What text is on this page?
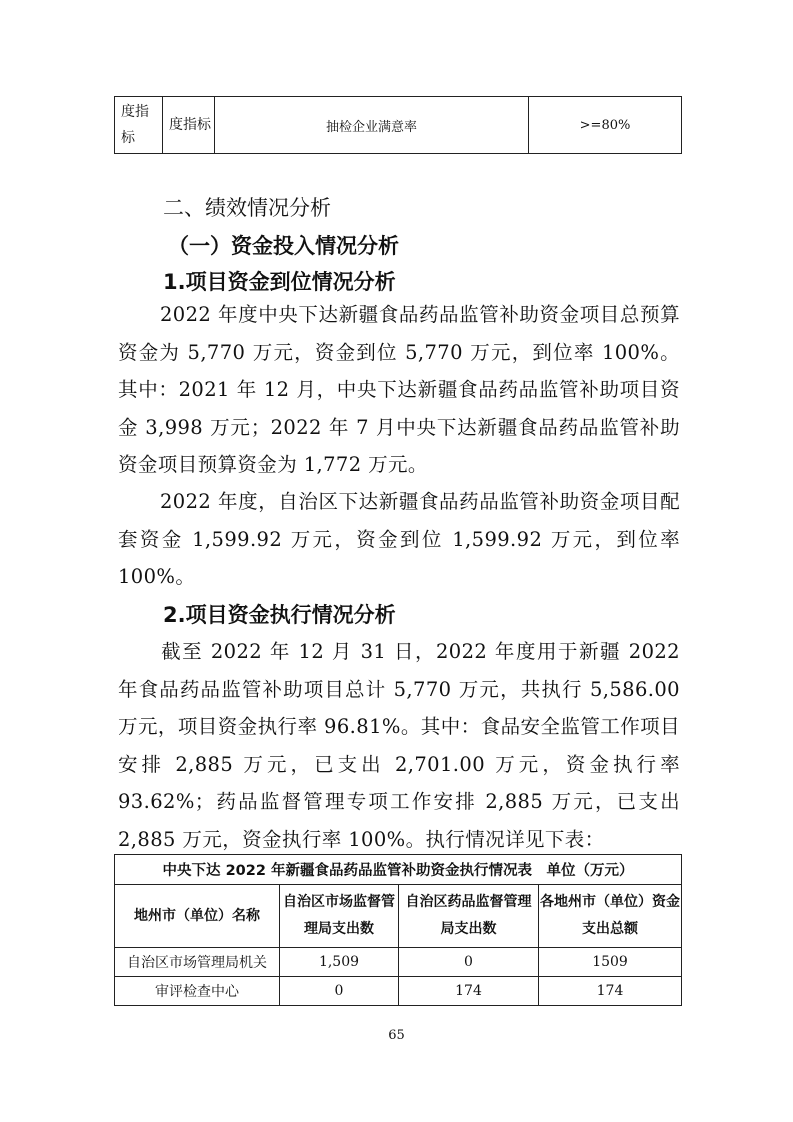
度指标	度指标	抽检企业满意率	>=80%
二、绩效情况分析
（一）资金投入情况分析
1.项目资金到位情况分析
2022 年度中央下达新疆食品药品监管补助资金项目总预算资金为 5,770 万元，资金到位 5,770 万元，到位率 100%。其中：2021 年 12 月，中央下达新疆食品药品监管补助项目资金 3,998 万元；2022 年 7 月中央下达新疆食品药品监管补助资金项目预算资金为 1,772 万元。
2022 年度，自治区下达新疆食品药品监管补助资金项目配套资金 1,599.92 万元，资金到位 1,599.92 万元，到位率 100%。
2.项目资金执行情况分析
截至 2022 年 12 月 31 日，2022 年度用于新疆 2022 年食品药品监管补助项目总计 5,770 万元，共执行 5,586.00 万元，项目资金执行率 96.81%。其中：食品安全监管工作项目安排 2,885 万元，已支出 2,701.00 万元，资金执行率 93.62%；药品监督管理专项工作安排 2,885 万元，已支出 2,885 万元，资金执行率 100%。执行情况详见下表：
中央下达 2022 年新疆食品药品监管补助资金执行情况表　单位（万元）			
地州市（单位）名称	自治区市场监督管理局支出数	自治区药品监督管理局支出数	各地州市（单位）资金支出总额
自治区市场管理局机关	1,509	0	1509
审评检查中心	0	174	174
65
